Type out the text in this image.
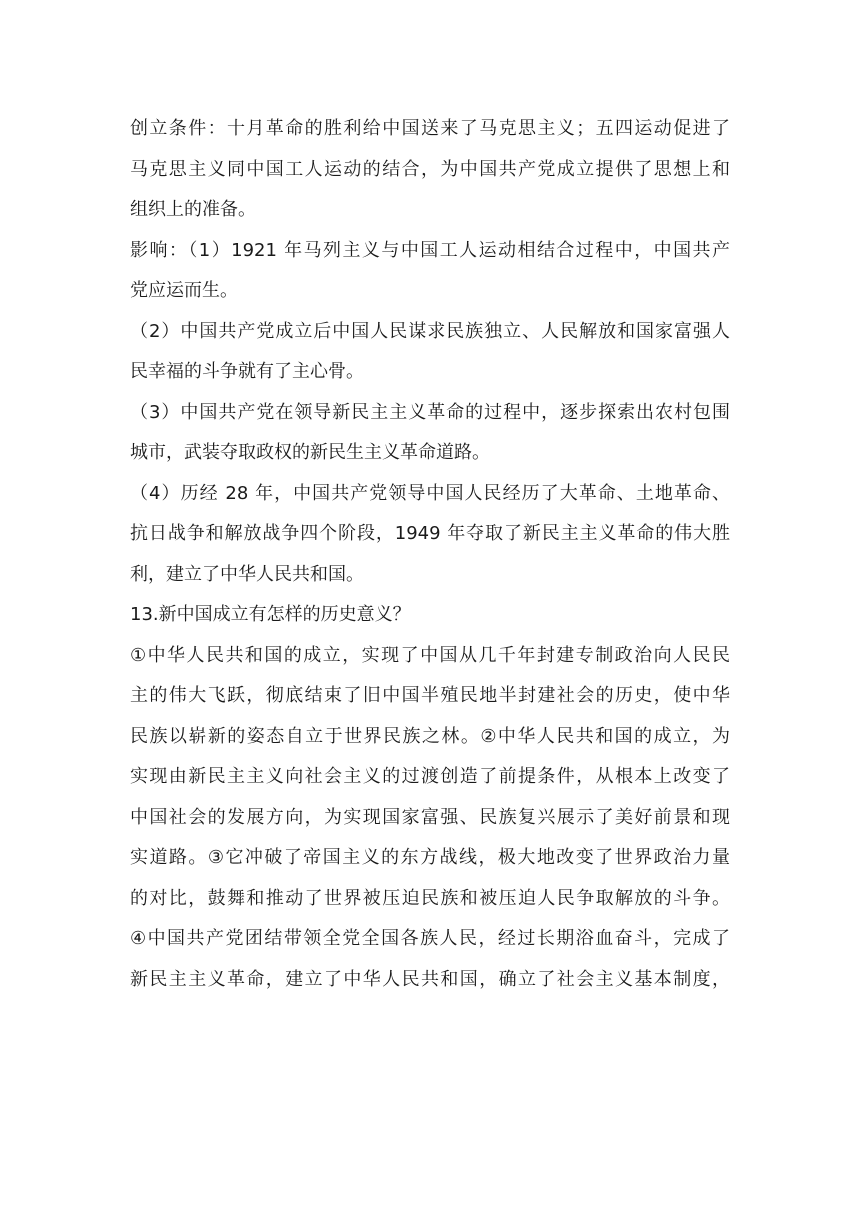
创立条件：十月革命的胜利给中国送来了马克思主义；五四运动促进了
马克思主义同中国工人运动的结合，为中国共产党成立提供了思想上和
组织上的准备。

影响：（1）1921 年马列主义与中国工人运动相结合过程中，中国共产
党应运而生。

（2）中国共产党成立后中国人民谋求民族独立、人民解放和国家富强人
民幸福的斗争就有了主心骨。

（3）中国共产党在领导新民主主义革命的过程中，逐步探索出农村包围
城市，武装夺取政权的新民生主义革命道路。

（4）历经 28 年，中国共产党领导中国人民经历了大革命、土地革命、
抗日战争和解放战争四个阶段，1949 年夺取了新民主主义革命的伟大胜
利，建立了中华人民共和国。

13.新中国成立有怎样的历史意义？

①中华人民共和国的成立，实现了中国从几千年封建专制政治向人民民
主的伟大飞跃，彻底结束了旧中国半殖民地半封建社会的历史，使中华
民族以崭新的姿态自立于世界民族之林。②中华人民共和国的成立，为
实现由新民主主义向社会主义的过渡创造了前提条件，从根本上改变了
中国社会的发展方向，为实现国家富强、民族复兴展示了美好前景和现
实道路。③它冲破了帝国主义的东方战线，极大地改变了世界政治力量
的对比，鼓舞和推动了世界被压迫民族和被压迫人民争取解放的斗争。
④中国共产党团结带领全党全国各族人民，经过长期浴血奋斗，完成了
新民主主义革命，建立了中华人民共和国，确立了社会主义基本制度，
